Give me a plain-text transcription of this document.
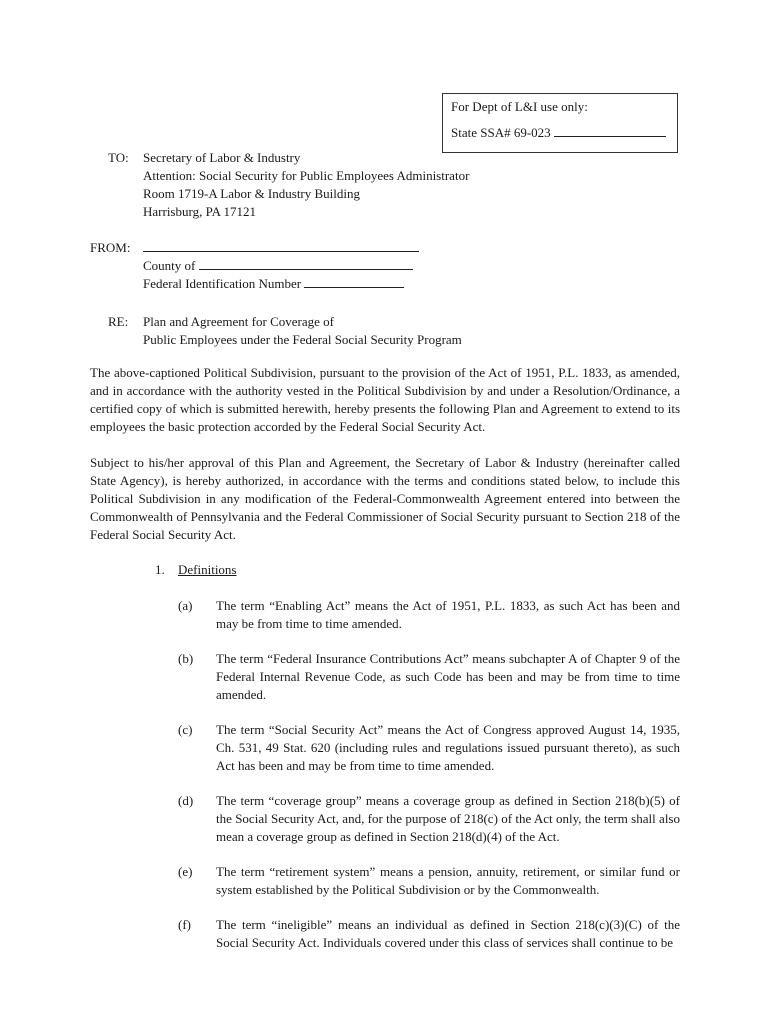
For Dept of L&I use only:
State SSA# 69-023
TO:	Secretary of Labor & Industry
Attention: Social Security for Public Employees Administrator
Room 1719-A Labor & Industry Building
Harrisburg, PA 17121
FROM:
County of
Federal Identification Number
RE:	Plan and Agreement for Coverage of
Public Employees under the Federal Social Security Program

The above-captioned Political Subdivision, pursuant to the provision of the Act of 1951, P.L. 1833, as amended, and in accordance with the authority vested in the Political Subdivision by and under a Resolution/Ordinance, a certified copy of which is submitted herewith, hereby presents the following Plan and Agreement to extend to its employees the basic protection accorded by the Federal Social Security Act.

Subject to his/her approval of this Plan and Agreement, the Secretary of Labor & Industry (hereinafter called State Agency), is hereby authorized, in accordance with the terms and conditions stated below, to include this Political Subdivision in any modification of the Federal-Commonwealth Agreement entered into between the Commonwealth of Pennsylvania and the Federal Commissioner of Social Security pursuant to Section 218 of the Federal Social Security Act.

1. Definitions
(a)	The term “Enabling Act” means the Act of 1951, P.L. 1833, as such Act has been and may be from time to time amended.
(b)	The term “Federal Insurance Contributions Act” means subchapter A of Chapter 9 of the Federal Internal Revenue Code, as such Code has been and may be from time to time amended.
(c)	The term “Social Security Act” means the Act of Congress approved August 14, 1935, Ch. 531, 49 Stat. 620 (including rules and regulations issued pursuant thereto), as such Act has been and may be from time to time amended.
(d)	The term “coverage group” means a coverage group as defined in Section 218(b)(5) of the Social Security Act, and, for the purpose of 218(c) of the Act only, the term shall also mean a coverage group as defined in Section 218(d)(4) of the Act.
(e)	The term “retirement system” means a pension, annuity, retirement, or similar fund or system established by the Political Subdivision or by the Commonwealth.
(f)	The term “ineligible” means an individual as defined in Section 218(c)(3)(C) of the Social Security Act. Individuals covered under this class of services shall continue to be
